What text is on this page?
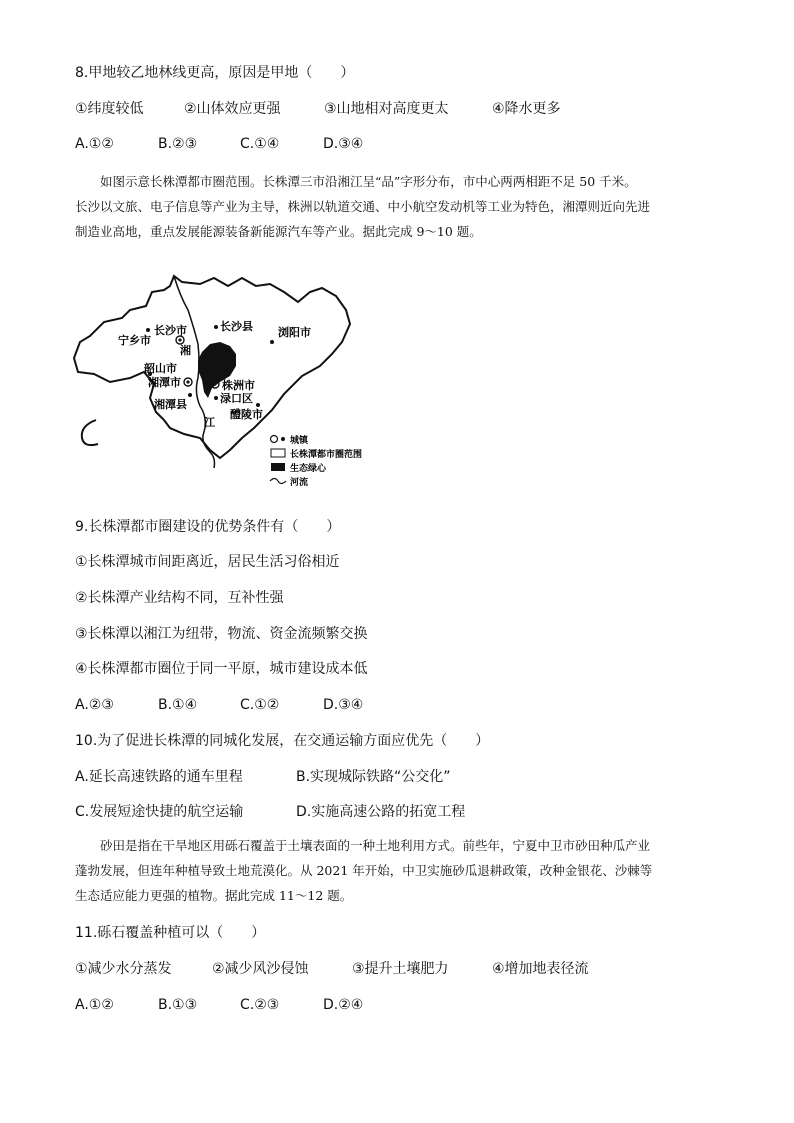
8.甲地较乙地林线更高，原因是甲地（　　）
①纬度较低	②山体效应更强	③山地相对高度更太	④降水更多
A.①②	B.②③	C.①④	D.③④
如图示意长株潭都市圈范围。长株潭三市沿湘江呈“品”字形分布，市中心两两相距不足 50 千米。
长沙以文旅、电子信息等产业为主导，株洲以轨道交通、中小航空发动机等工业为特色，湘潭则近向先进
制造业高地，重点发展能源装备新能源汽车等产业。据此完成 9～10 题。
宁乡市
长沙市	长沙县 浏阳市
湘
韶山市
湘潭市	株洲市
渌口区
湘潭县
醴陵市
江
城镇
长株潭都市圈范围
生态绿心
河流
9.长株潭都市圈建设的优势条件有（　　）
①长株潭城市间距离近，居民生活习俗相近
②长株潭产业结构不同，互补性强
③长株潭以湘江为纽带，物流、资金流频繁交换
④长株潭都市圈位于同一平原，城市建设成本低
A.②③	B.①④	C.①②	D.③④
10.为了促进长株潭的同城化发展，在交通运输方面应优先（　　）
A.延长高速铁路的通车里程	B.实现城际铁路“公交化”
C.发展短途快捷的航空运输	D.实施高速公路的拓宽工程
砂田是指在干旱地区用砾石覆盖于土壤表面的一种土地利用方式。前些年，宁夏中卫市砂田种瓜产业
蓬勃发展，但连年种植导致土地荒漠化。从 2021 年开始，中卫实施砂瓜退耕政策，改种金银花、沙棘等
生态适应能力更强的植物。据此完成 11～12 题。
11.砾石覆盖种植可以（　　）
①减少水分蒸发	②减少风沙侵蚀	③提升土壤肥力	④增加地表径流
A.①②	B.①③	C.②③	D.②④
